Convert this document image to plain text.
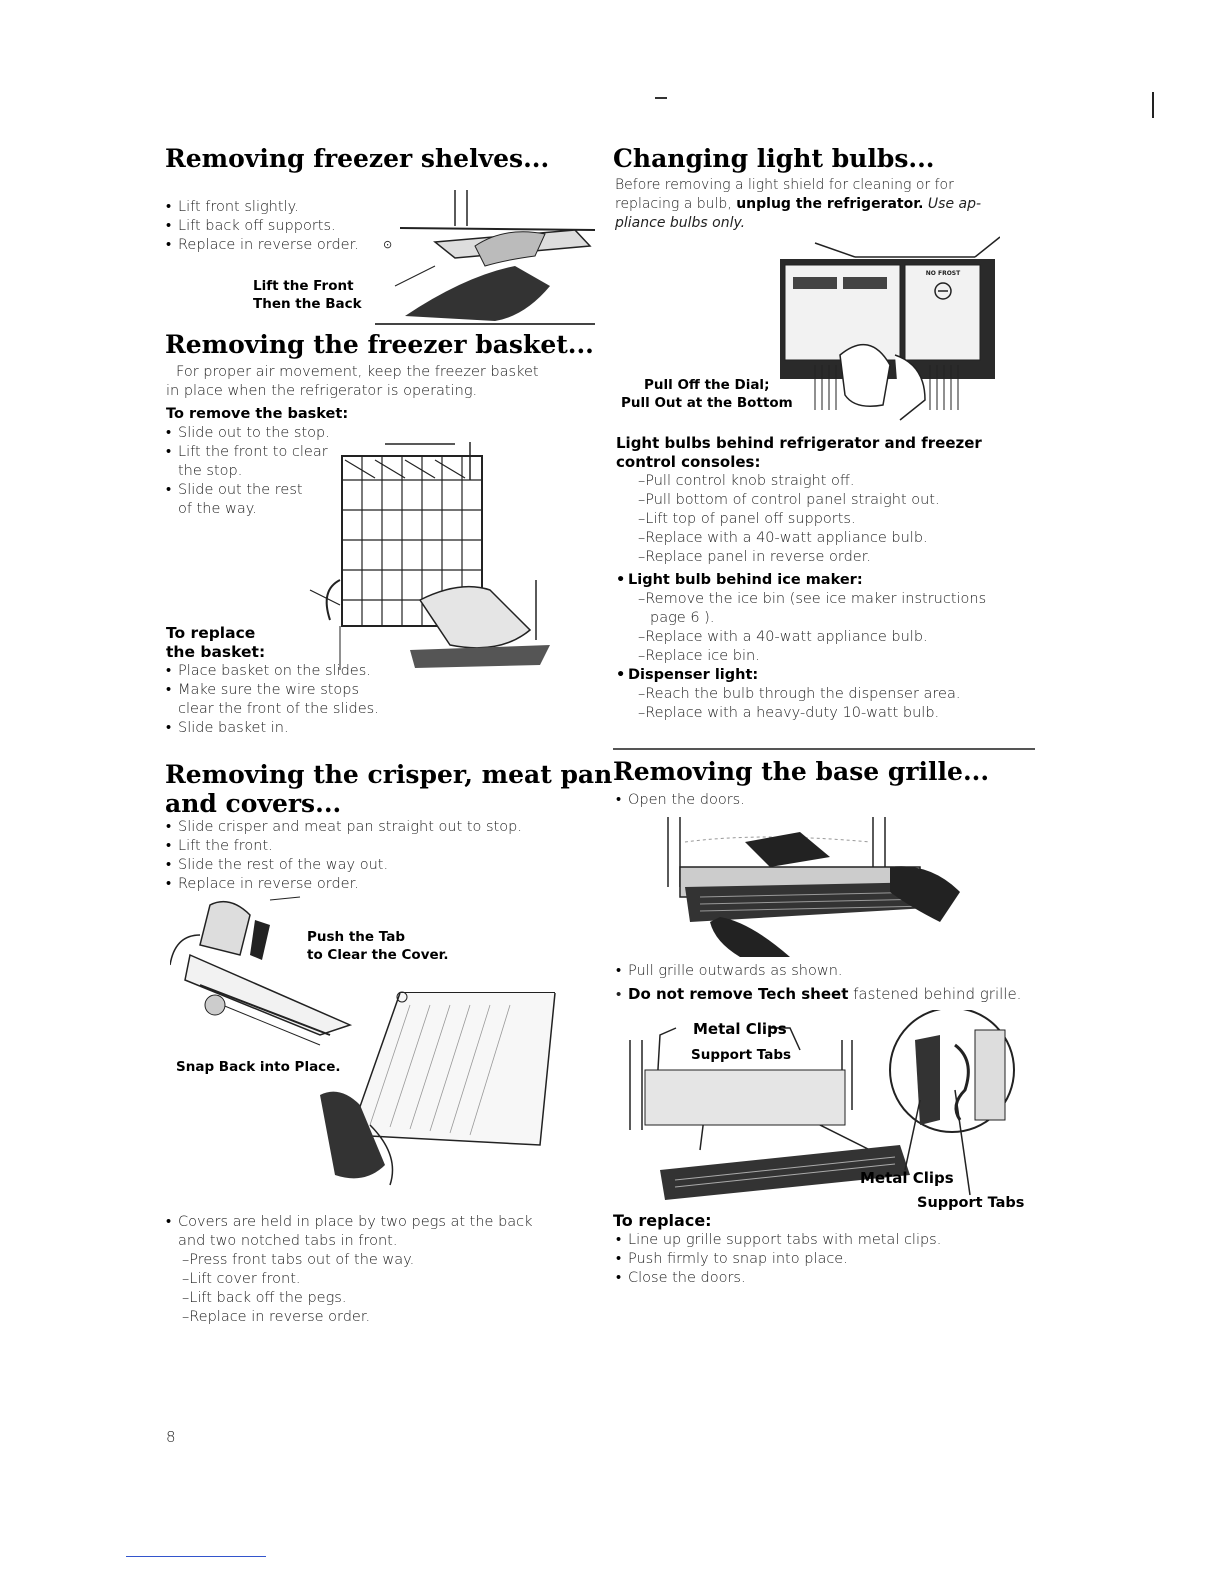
Removing freezer shelves...
• Lift front slightly.
• Lift back off supports.
• Replace in reverse order.
Lift the Front
Then the Back
⊙
Removing the freezer basket...
For proper air movement, keep the freezer basket
in place when the refrigerator is operating.
To remove the basket:
• Slide out to the stop.
• Lift the front to clear
the stop.
• Slide out the rest
of the way.
To replace
the basket:
• Place basket on the slides.
• Make sure the wire stops
clear the front of the slides.
• Slide basket in.
Removing the crisper, meat pan
and covers...
• Slide crisper and meat pan straight out to stop.
• Lift the front.
• Slide the rest of the way out.
• Replace in reverse order.
Push the Tab
to Clear the Cover.
Snap Back into Place.
• Covers are held in place by two pegs at the back
and two notched tabs in front.
– Press front tabs out of the way.
– Lift cover front.
– Lift back off the pegs.
– Replace in reverse order.
8
Changing light bulbs...
Before removing a light shield for cleaning or for
replacing a bulb, unplug the refrigerator. Use ap-
pliance bulbs only.
NO FROST
Pull Off the Dial;
Pull Out at the Bottom
Light bulbs behind refrigerator and freezer
control consoles:
– Pull control knob straight off.
– Pull bottom of control panel straight out.
– Lift top of panel off supports.
– Replace with a 40-watt appliance bulb.
– Replace panel in reverse order.
• Light bulb behind ice maker:
– Remove the ice bin (see ice maker instructions
page 6 ).
– Replace with a 40-watt appliance bulb.
– Replace ice bin.
• Dispenser light:
– Reach the bulb through the dispenser area.
– Replace with a heavy-duty 10-watt bulb.
Removing the base grille...
• Open the doors.
• Pull grille outwards as shown.
• Do not remove Tech sheet fastened behind grille.
Metal Clips
Support Tabs
Metal Clips
Support Tabs
To replace:
• Line up grille support tabs with metal clips.
• Push firmly to snap into place.
• Close the doors.
